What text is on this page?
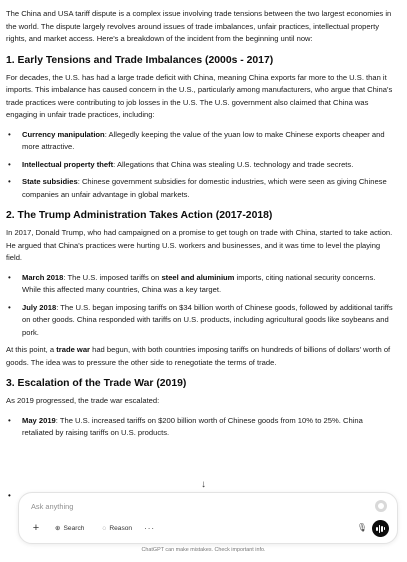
The China and USA tariff dispute is a complex issue involving trade tensions between the two largest economies in the world. The dispute largely revolves around issues of trade imbalances, unfair practices, intellectual property rights, and market access. Here's a breakdown of the incident from the beginning until now:

1. Early Tensions and Trade Imbalances (2000s - 2017)

For decades, the U.S. has had a large trade deficit with China, meaning China exports far more to the U.S. than it imports. This imbalance has caused concern in the U.S., particularly among manufacturers, who argue that China's trade practices were contributing to job losses in the U.S. The U.S. government also claimed that China was engaging in unfair trade practices, including:

• Currency manipulation: Allegedly keeping the value of the yuan low to make Chinese exports cheaper and more attractive.
• Intellectual property theft: Allegations that China was stealing U.S. technology and trade secrets.
• State subsidies: Chinese government subsidies for domestic industries, which were seen as giving Chinese companies an unfair advantage in global markets.
2. The Trump Administration Takes Action (2017-2018)

In 2017, Donald Trump, who had campaigned on a promise to get tough on trade with China, started to take action. He argued that China's practices were hurting U.S. workers and businesses, and it was time to level the playing field.

• March 2018: The U.S. imposed tariffs on steel and aluminium imports, citing national security concerns. While this affected many countries, China was a key target.
• July 2018: The U.S. began imposing tariffs on $34 billion worth of Chinese goods, followed by additional tariffs on other goods. China responded with tariffs on U.S. products, including agricultural goods like soybeans and pork.

At this point, a trade war had begun, with both countries imposing tariffs on hundreds of billions of dollars' worth of goods. The idea was to pressure the other side to renegotiate the terms of trade.

3. Escalation of the Trade War (2019)

As 2019 progressed, the trade war escalated:

• May 2019: The U.S. increased tariffs on $200 billion worth of Chinese goods from 10% to 25%. China retaliated by raising tariffs on U.S. products.
•
↓
Ask anything
+	⊕ Search	◌ Reason ···	🎙
ChatGPT can make mistakes. Check important info.
